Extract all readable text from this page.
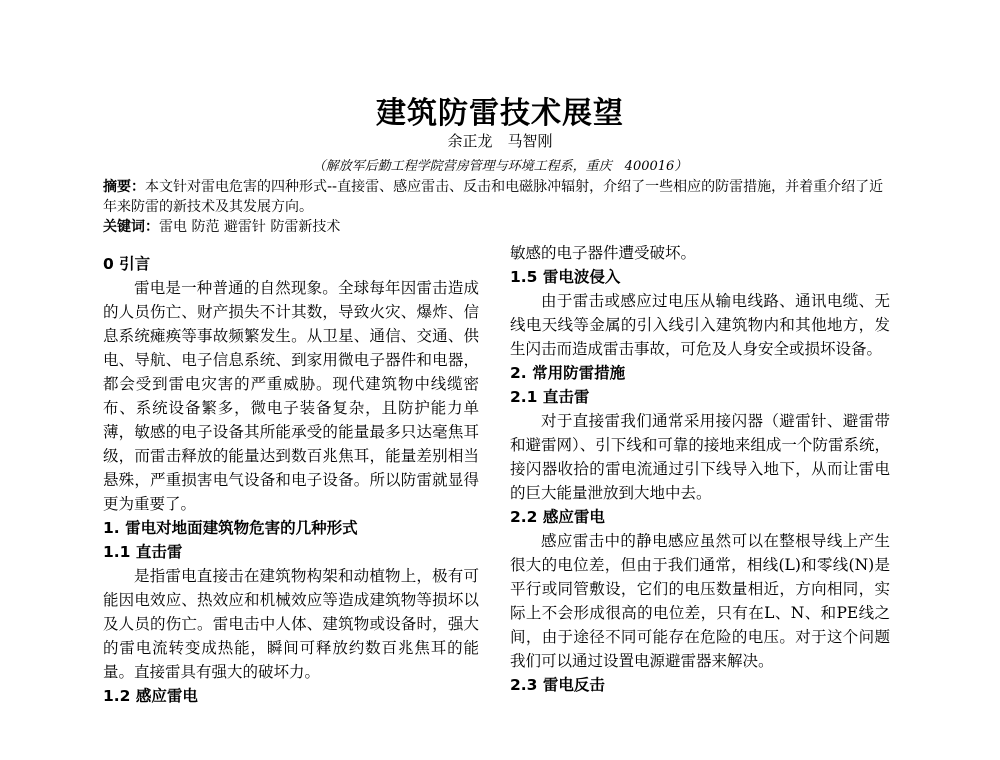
建筑防雷技术展望
余正龙　马智刚
（解放军后勤工程学院营房管理与环境工程系，重庆　400016）
摘要：本文针对雷电危害的四种形式--直接雷、感应雷击、反击和电磁脉冲辐射，介绍了一些相应的防雷措施，并着重介绍了近年来防雷的新技术及其发展方向。
关键词：雷电 防范 避雷针 防雷新技术
0 引言

雷电是一种普通的自然现象。全球每年因雷击造成的人员伤亡、财产损失不计其数，导致火灾、爆炸、信息系统瘫痪等事故频繁发生。从卫星、通信、交通、供电、导航、电子信息系统、到家用微电子器件和电器，都会受到雷电灾害的严重威胁。现代建筑物中线缆密布、系统设备繁多，微电子装备复杂，且防护能力单薄，敏感的电子设备其所能承受的能量最多只达毫焦耳级，而雷击释放的能量达到数百兆焦耳，能量差别相当悬殊，严重损害电气设备和电子设备。所以防雷就显得更为重要了。

1. 雷电对地面建筑物危害的几种形式
1.1 直击雷

是指雷电直接击在建筑物构架和动植物上，极有可能因电效应、热效应和机械效应等造成建筑物等损坏以及人员的伤亡。雷电击中人体、建筑物或设备时，强大的雷电流转变成热能，瞬间可释放约数百兆焦耳的能量。直接雷具有强大的破坏力。

1.2 感应雷电

敏感的电子器件遭受破坏。

1.5 雷电波侵入

由于雷击或感应过电压从输电线路、通讯电缆、无线电天线等金属的引入线引入建筑物内和其他地方，发生闪击而造成雷击事故，可危及人身安全或损坏设备。

2. 常用防雷措施
2.1 直击雷

对于直接雷我们通常采用接闪器（避雷针、避雷带和避雷网）、引下线和可靠的接地来组成一个防雷系统，接闪器收拾的雷电流通过引下线导入地下，从而让雷电的巨大能量泄放到大地中去。

2.2 感应雷电

感应雷击中的静电感应虽然可以在整根导线上产生很大的电位差，但由于我们通常，相线(L)和零线(N)是平行或同管敷设，它们的电压数量相近，方向相同，实际上不会形成很高的电位差，只有在L、N、和PE线之间，由于途径不同可能存在危险的电压。对于这个问题我们可以通过设置电源避雷器来解决。

2.3 雷电反击
